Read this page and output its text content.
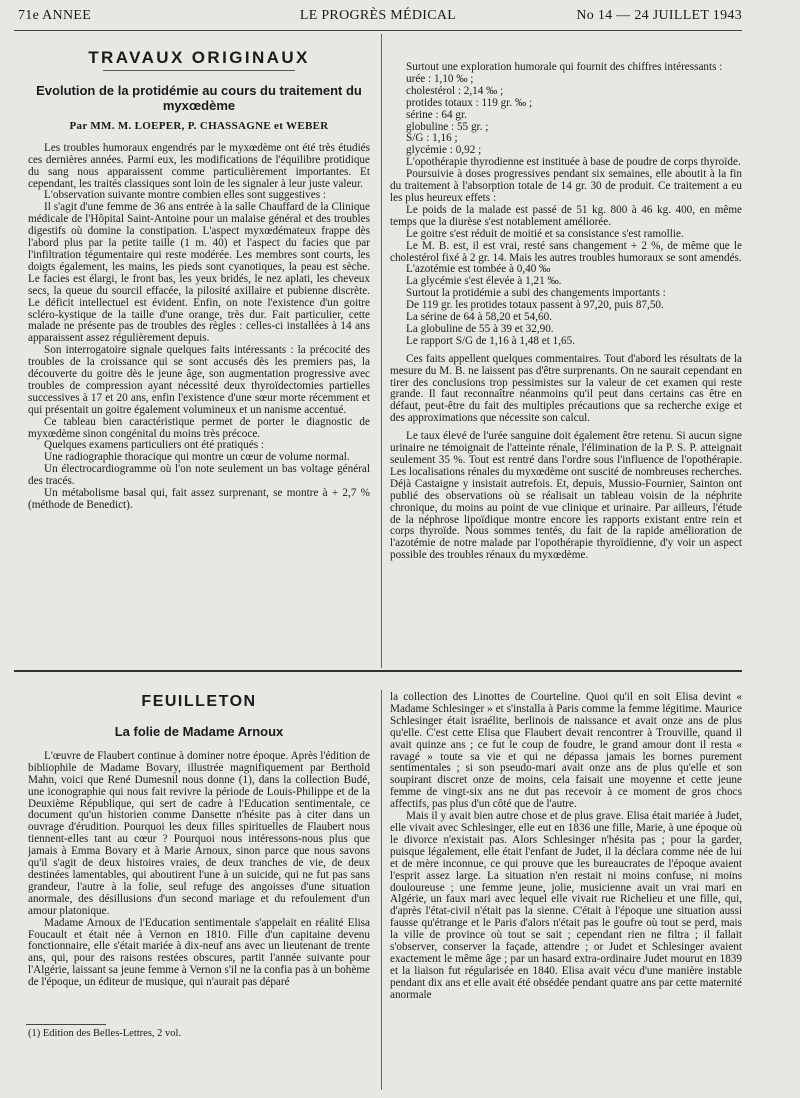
71e ANNEE	LE PROGRÈS MÉDICAL	No 14 — 24 JUILLET 1943
TRAVAUX ORIGINAUX
Evolution de la protidémie au cours du traitement du myxœdème
Par MM. M. LOEPER, P. CHASSAGNE et WEBER

Les troubles humoraux engendrés par le myxœdème ont été très étudiés ces dernières années. Parmi eux, les modifications de l'équilibre protidique du sang nous apparaissent comme particulièrement importantes. Et cependant, les traités classiques sont loin de les signaler à leur juste valeur.

L'observation suivante montre combien elles sont suggestives :

Il s'agit d'une femme de 36 ans entrée à la salle Chauffard de la Clinique médicale de l'Hôpital Saint-Antoine pour un malaise général et des troubles digestifs où domine la constipation. L'aspect myxœdémateux frappe dès l'abord plus par la petite taille (1 m. 40) et l'aspect du facies que par l'infiltration tégumentaire qui reste modérée. Les membres sont courts, les doigts également, les mains, les pieds sont cyanotiques, la peau est sèche. Le facies est élargi, le front bas, les yeux bridés, le nez aplati, les cheveux secs, la queue du sourcil effacée, la pilosité axillaire et pubienne discrète. Le déficit intellectuel est évident. Enfin, on note l'existence d'un goitre scléro-kystique de la taille d'une orange, très dur. Fait particulier, cette malade ne présente pas de troubles des règles : celles-ci installées à 14 ans apparaissent assez régulièrement depuis.

Son interrogatoire signale quelques faits intéressants : la précocité des troubles de la croissance qui se sont accusés dès les premiers pas, la découverte du goitre dès le jeune âge, son augmentation progressive avec troubles de compression ayant nécessité deux thyroïdectomies partielles successives à 17 et 20 ans, enfin l'existence d'une sœur morte récemment et qui présentait un goitre également volumineux et un nanisme accentué.

Ce tableau bien caractéristique permet de porter le diagnostic de myxœdème sinon congénital du moins très précoce.

Quelques examens particuliers ont été pratiqués :

Une radiographie thoracique qui montre un cœur de volume normal.

Un électrocardiogramme où l'on note seulement un bas voltage général des tracés.

Un métabolisme basal qui, fait assez surprenant, se montre à + 2,7 % (méthode de Benedict).

Surtout une exploration humorale qui fournit des chiffres intéressants :

urée : 1,10 ‰ ;

cholestérol : 2,14 ‰ ;

protides totaux : 119 gr. ‰ ;

sérine : 64 gr.

globuline : 55 gr. ;

S/G : 1,16 ;

glycémie : 0,92 ;

L'opothérapie thyrodienne est instituée à base de poudre de corps thyroïde.

Poursuivie à doses progressives pendant six semaines, elle aboutit à la fin du traitement à l'absorption totale de 14 gr. 30 de produit. Ce traitement a eu les plus heureux effets :

Le poids de la malade est passé de 51 kg. 800 à 46 kg. 400, en même temps que la diurèse s'est notablement améliorée.

Le goitre s'est réduit de moitié et sa consistance s'est ramollie.

Le M. B. est, il est vrai, resté sans changement + 2 %, de même que le cholestérol fixé à 2 gr. 14. Mais les autres troubles humoraux se sont amendés.

L'azotémie est tombée à 0,40 ‰

La glycémie s'est élevée à 1,21 ‰.

Surtout la protidémie a subi des changements importants :

De 119 gr. les protides totaux passent à 97,20, puis 87,50.

La sérine de 64 à 58,20 et 54,60.

La globuline de 55 à 39 et 32,90.

Le rapport S/G de 1,16 à 1,48 et 1,65.

Ces faits appellent quelques commentaires. Tout d'abord les résultats de la mesure du M. B. ne laissent pas d'être surprenants. On ne saurait cependant en tirer des conclusions trop pessimistes sur la valeur de cet examen qui reste grande. Il faut reconnaître néanmoins qu'il peut dans certains cas être en défaut, peut-être du fait des multiples précautions que sa recherche exige et des approximations que nécessite son calcul.

Le taux élevé de l'urée sanguine doit également être retenu. Si aucun signe urinaire ne témoignait de l'atteinte rénale, l'élimination de la P. S. P. atteignait seulement 35 %. Tout est rentré dans l'ordre sous l'influence de l'opothérapie. Les localisations rénales du myxœdème ont suscité de nombreuses recherches. Déjà Castaigne y insistait autrefois. Et, depuis, Mussio-Fournier, Sainton ont publié des observations où se réalisait un tableau voisin de la néphrite chronique, du moins au point de vue clinique et urinaire. Par ailleurs, l'étude de la néphrose lipoïdique montre encore les rapports existant entre rein et corps thyroïde. Nous sommes tentés, du fait de la rapide amélioration de l'azotémie de notre malade par l'opothérapie thyroïdienne, d'y voir un aspect possible des troubles rénaux du myxœdème.

FEUILLETON
La folie de Madame Arnoux

L'œuvre de Flaubert continue à dominer notre époque. Après l'édition de bibliophile de Madame Bovary, illustrée magnifiquement par Berthold Mahn, voici que René Dumesnil nous donne (1), dans la collection Budé, une iconographie qui nous fait revivre la période de Louis-Philippe et de la Deuxième République, qui sert de cadre à l'Education sentimentale, ce document qu'un historien comme Dansette n'hésite pas à citer dans un ouvrage d'érudition. Pourquoi les deux filles spirituelles de Flaubert nous tiennent-elles tant au cœur ? Pourquoi nous intéressons-nous plus que jamais à Emma Bovary et à Marie Arnoux, sinon parce que nous savons qu'il s'agit de deux histoires vraies, de deux tranches de vie, de deux destinées lamentables, qui aboutirent l'une à un suicide, qui ne fut pas sans grandeur, l'autre à la folie, seul refuge des angoisses d'une situation anormale, des désillusions d'un second mariage et du refoulement d'un amour platonique.

Madame Arnoux de l'Education sentimentale s'appelait en réalité Elisa Foucault et était née à Vernon en 1810. Fille d'un capitaine devenu fonctionnaire, elle s'était mariée à dix-neuf ans avec un lieutenant de trente ans, qui, pour des raisons restées obscures, partit l'année suivante pour l'Algérie, laissant sa jeune femme à Vernon s'il ne la confia pas à un bohème de l'époque, un éditeur de musique, qui n'aurait pas déparé

(1) Edition des Belles-Lettres, 2 vol.

la collection des Linottes de Courteline. Quoi qu'il en soit Elisa devint « Madame Schlesinger » et s'installa à Paris comme la femme légitime. Maurice Schlesinger était israélite, berlinois de naissance et avait onze ans de plus qu'elle. C'est cette Elisa que Flaubert devait rencontrer à Trouville, quand il avait quinze ans ; ce fut le coup de foudre, le grand amour dont il resta « ravagé » toute sa vie et qui ne dépassa jamais les bornes purement sentimentales ; si son pseudo-mari avait onze ans de plus qu'elle et son soupirant discret onze de moins, cela faisait une moyenne et cette jeune femme de vingt-six ans ne dut pas recevoir à ce moment de gros chocs affectifs, pas plus d'un côté que de l'autre.

Mais il y avait bien autre chose et de plus grave. Elisa était mariée à Judet, elle vivait avec Schlesinger, elle eut en 1836 une fille, Marie, à une époque où le divorce n'existait pas. Alors Schlesinger n'hésita pas ; pour la garder, puisque légalement, elle était l'enfant de Judet, il la déclara comme née de lui et de mère inconnue, ce qui prouve que les bureaucrates de l'époque avaient l'esprit assez large. La situation n'en restait ni moins confuse, ni moins douloureuse ; une femme jeune, jolie, musicienne avait un vrai mari en Algérie, un faux mari avec lequel elle vivait rue Richelieu et une fille, qui, d'après l'état-civil n'était pas la sienne. C'était à l'époque une situation aussi fausse qu'étrange et le Paris d'alors n'était pas le goufre où tout se perd, mais la ville de province où tout se sait ; cependant rien ne filtra ; il fallait s'observer, conserver la façade, attendre ; or Judet et Schlesinger avaient exactement le même âge ; par un hasard extra-ordinaire Judet mourut en 1839 et la liaison fut régularisée en 1840. Elisa avait vécu d'une manière instable pendant dix ans et elle avait été obsédée pendant quatre ans par cette maternité anormale
